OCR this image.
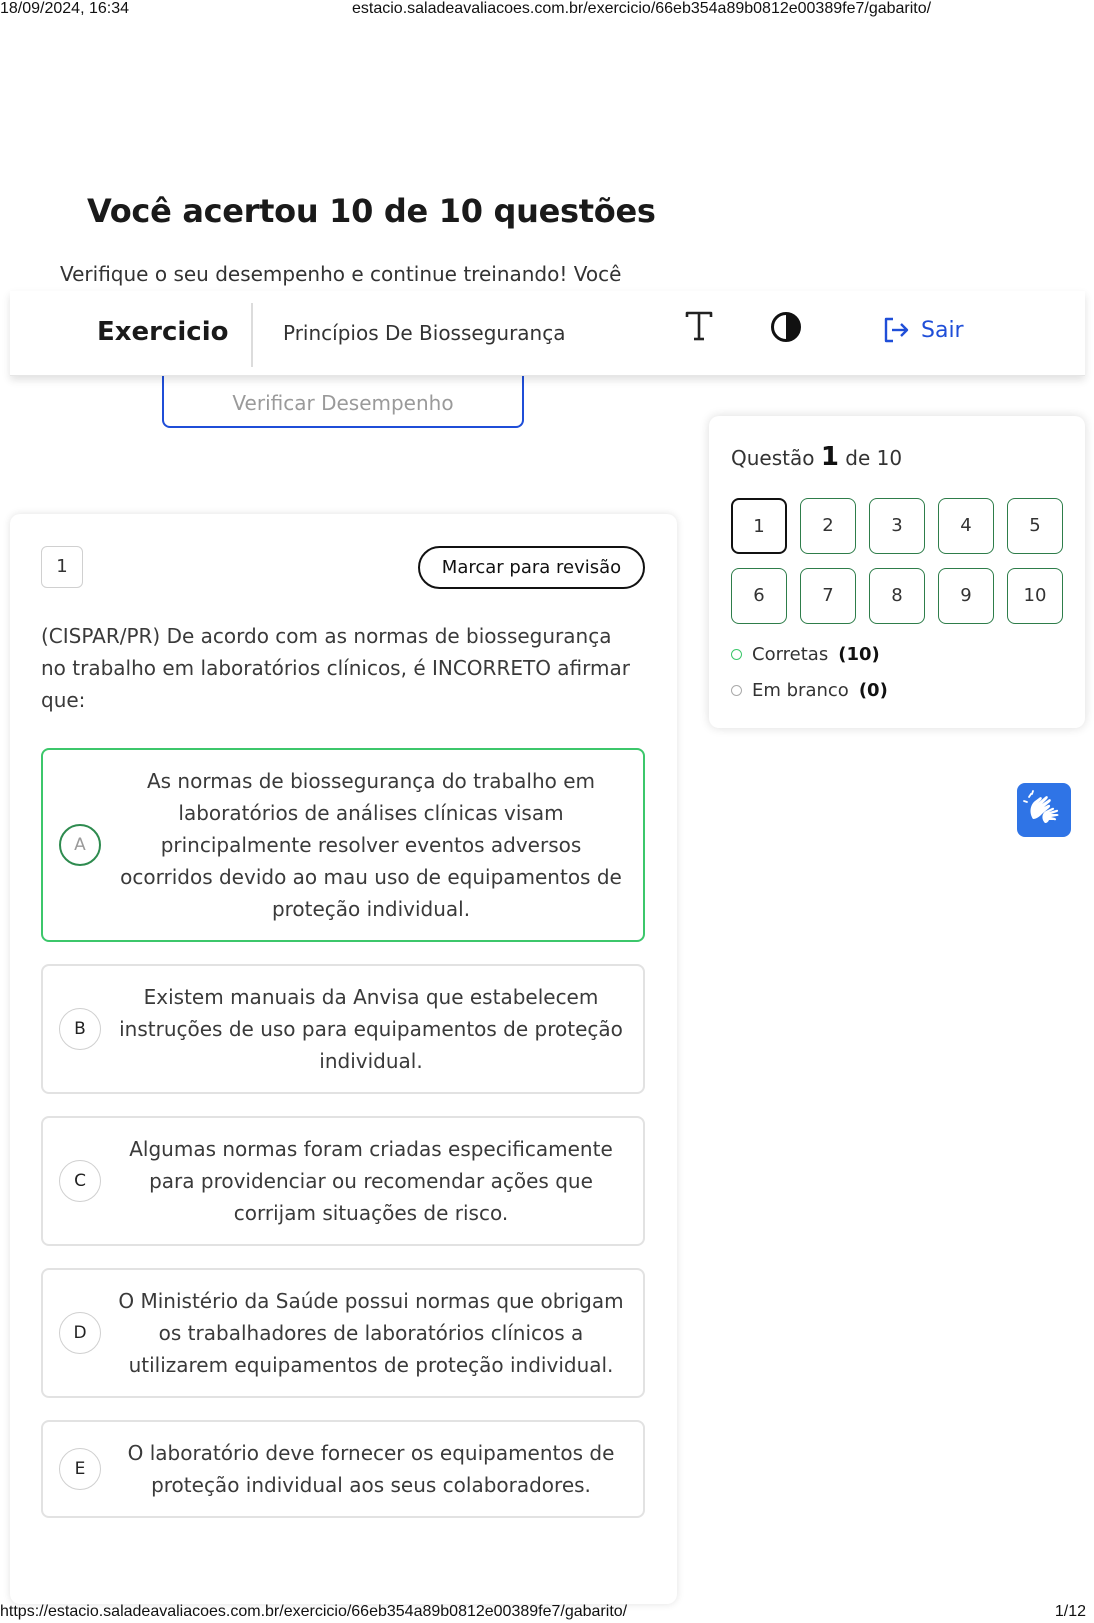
18/09/2024, 16:34	estacio.saladeavaliacoes.com.br/exercicio/66eb354a89b0812e00389fe7/gabarito/
Você acertou 10 de 10 questões
Verifique o seu desempenho e continue treinando! Você
Verificar Desempenho
Exercicio	Princípios De Biossegurança	Sair
1	Marcar para revisão
(CISPAR/PR) De acordo com as normas de biossegurança no trabalho em laboratórios clínicos, é INCORRETO afirmar que:
A
As normas de biossegurança do trabalho em laboratórios de análises clínicas visam principalmente resolver eventos adversos ocorridos devido ao mau uso de equipamentos de proteção individual.
B
Existem manuais da Anvisa que estabelecem instruções de uso para equipamentos de proteção individual.
C
Algumas normas foram criadas especificamente para providenciar ou recomendar ações que corrijam situações de risco.
D
O Ministério da Saúde possui normas que obrigam os trabalhadores de laboratórios clínicos a utilizarem equipamentos de proteção individual.
E
O laboratório deve fornecer os equipamentos de proteção individual aos seus colaboradores.
Questão 1 de 10
1	2	3	4	5
6	7	8	9	10
Corretas (10)
Em branco (0)
https://estacio.saladeavaliacoes.com.br/exercicio/66eb354a89b0812e00389fe7/gabarito/	1/12
